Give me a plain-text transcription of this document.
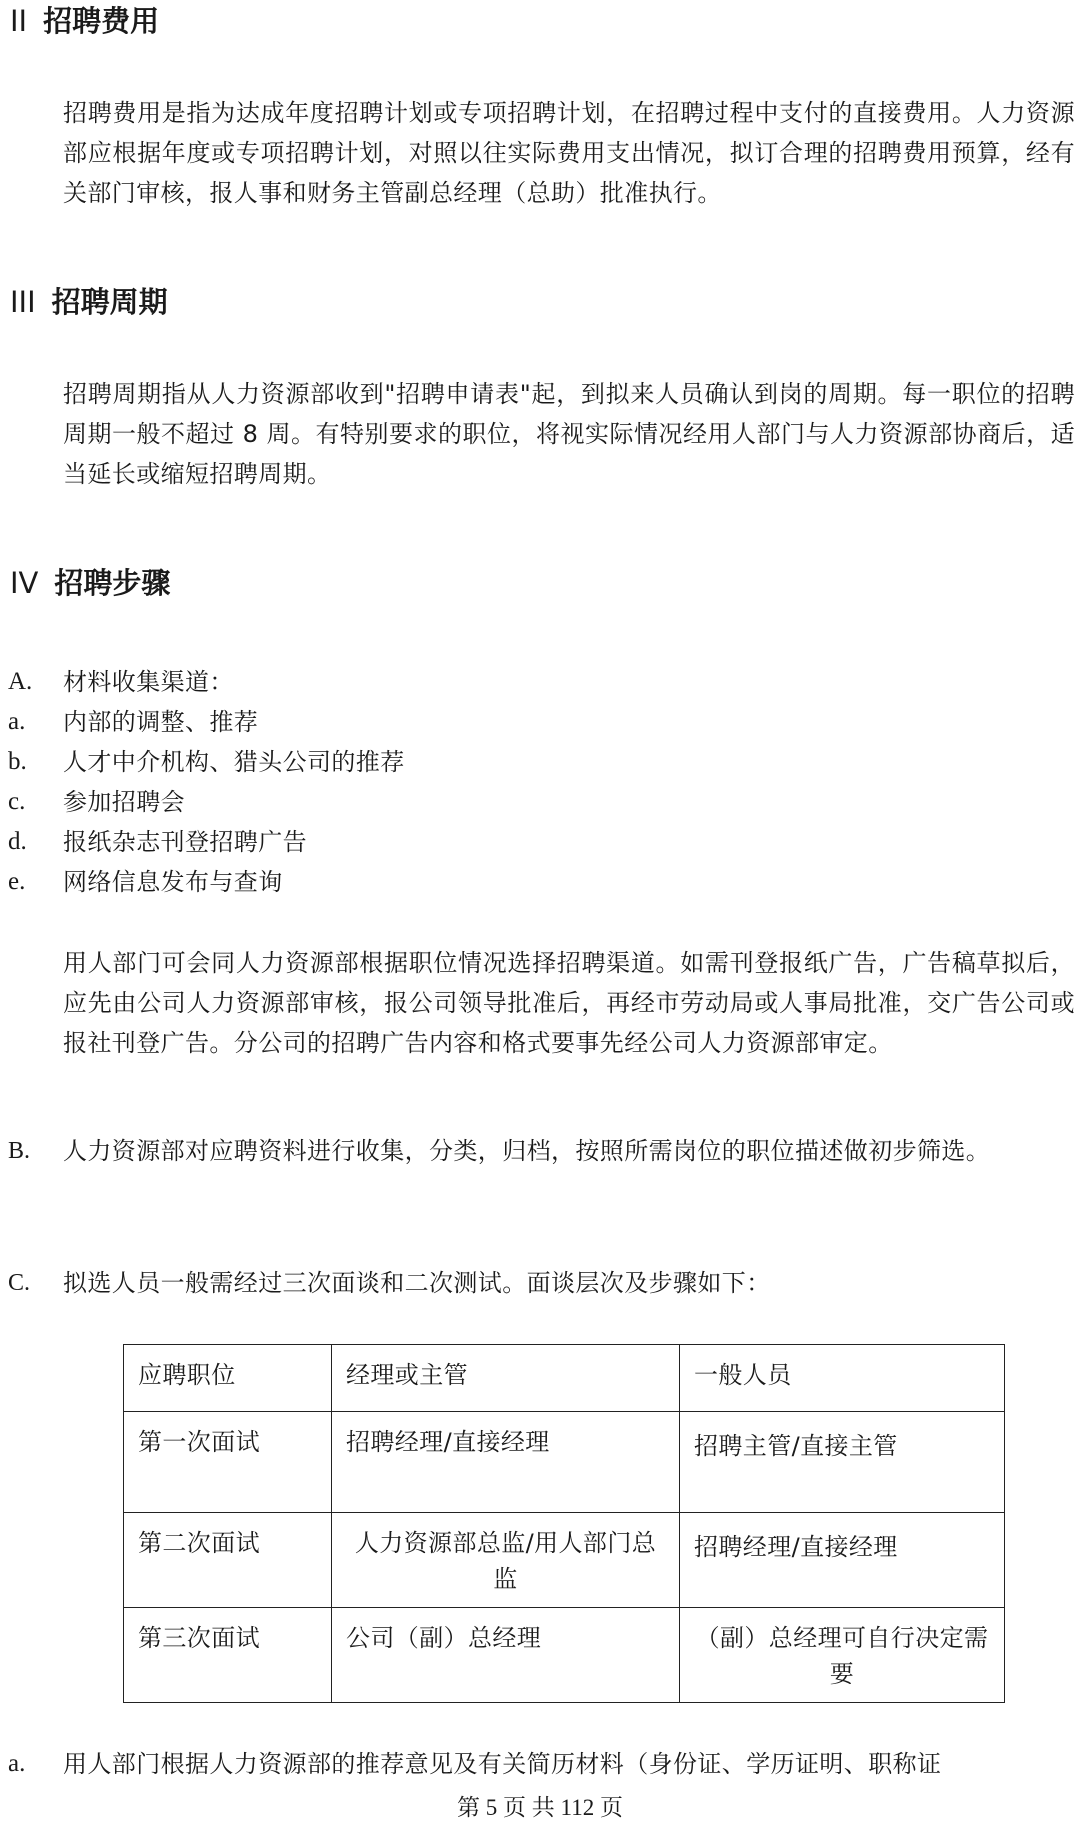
II 招聘费用

招聘费用是指为达成年度招聘计划或专项招聘计划，在招聘过程中支付的直接费用。人力资源部应根据年度或专项招聘计划，对照以往实际费用支出情况，拟订合理的招聘费用预算，经有关部门审核，报人事和财务主管副总经理（总助）批准执行。

III 招聘周期

招聘周期指从人力资源部收到"招聘申请表"起，到拟来人员确认到岗的周期。每一职位的招聘周期一般不超过 8 周。有特别要求的职位，将视实际情况经用人部门与人力资源部协商后，适当延长或缩短招聘周期。

IV 招聘步骤
A.	材料收集渠道：
a.	内部的调整、推荐
b.	人才中介机构、猎头公司的推荐
c.	参加招聘会
d.	报纸杂志刊登招聘广告
e.	网络信息发布与查询

用人部门可会同人力资源部根据职位情况选择招聘渠道。如需刊登报纸广告，广告稿草拟后，应先由公司人力资源部审核，报公司领导批准后，再经市劳动局或人事局批准，交广告公司或报社刊登广告。分公司的招聘广告内容和格式要事先经公司人力资源部审定。

B.	人力资源部对应聘资料进行收集，分类，归档，按照所需岗位的职位描述做初步筛选。
C.	拟选人员一般需经过三次面谈和二次测试。面谈层次及步骤如下：
应聘职位	经理或主管	一般人员
第一次面试	招聘经理/直接经理	招聘主管/直接主管
第二次面试	人力资源部总监/用人部门总监	招聘经理/直接经理
第三次面试	公司（副）总经理	（副）总经理可自行决定需要
a.	用人部门根据人力资源部的推荐意见及有关简历材料（身份证、学历证明、职称证
第 5 页 共 112 页
